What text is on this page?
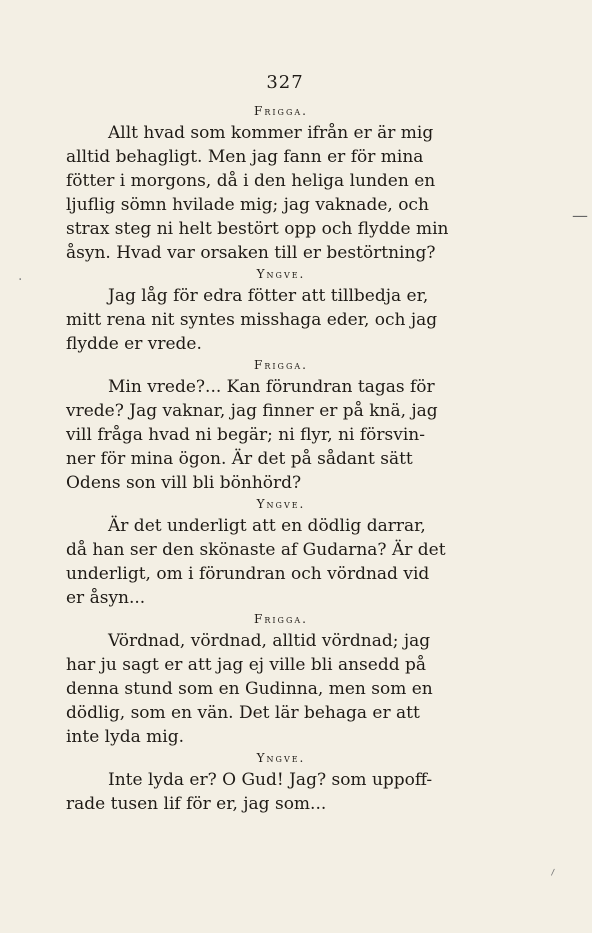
327

Frigga.

Allt hvad som kommer ifrån er är mig
alltid behagligt. Men jag fann er för mina
fötter i morgons, då i den heliga lunden en
ljuflig sömn hvilade mig; jag vaknade, och
strax steg ni helt bestört opp och flydde min
åsyn. Hvad var orsaken till er bestörtning?

Yngve.

Jag låg för edra fötter att tillbedja er,
mitt rena nit syntes misshaga eder, och jag
flydde er vrede.

Frigga.

Min vrede?... Kan förundran tagas för
vrede? Jag vaknar, jag finner er på knä, jag
vill fråga hvad ni begär; ni flyr, ni försvin-
ner för mina ögon. Är det på sådant sätt
Odens son vill bli bönhörd?

Yngve.

Är det underligt att en dödlig darrar,
då han ser den skönaste af Gudarna? Är det
underligt, om i förundran och vördnad vid
er åsyn...

Frigga.

Vördnad, vördnad, alltid vördnad; jag
har ju sagt er att jag ej ville bli ansedd på
denna stund som en Gudinna, men som en
dödlig, som en vän. Det lär behaga er att
inte lyda mig.

Yngve.

Inte lyda er? O Gud! Jag? som uppoff-
rade tusen lif för er, jag som...

—
·
⸝
